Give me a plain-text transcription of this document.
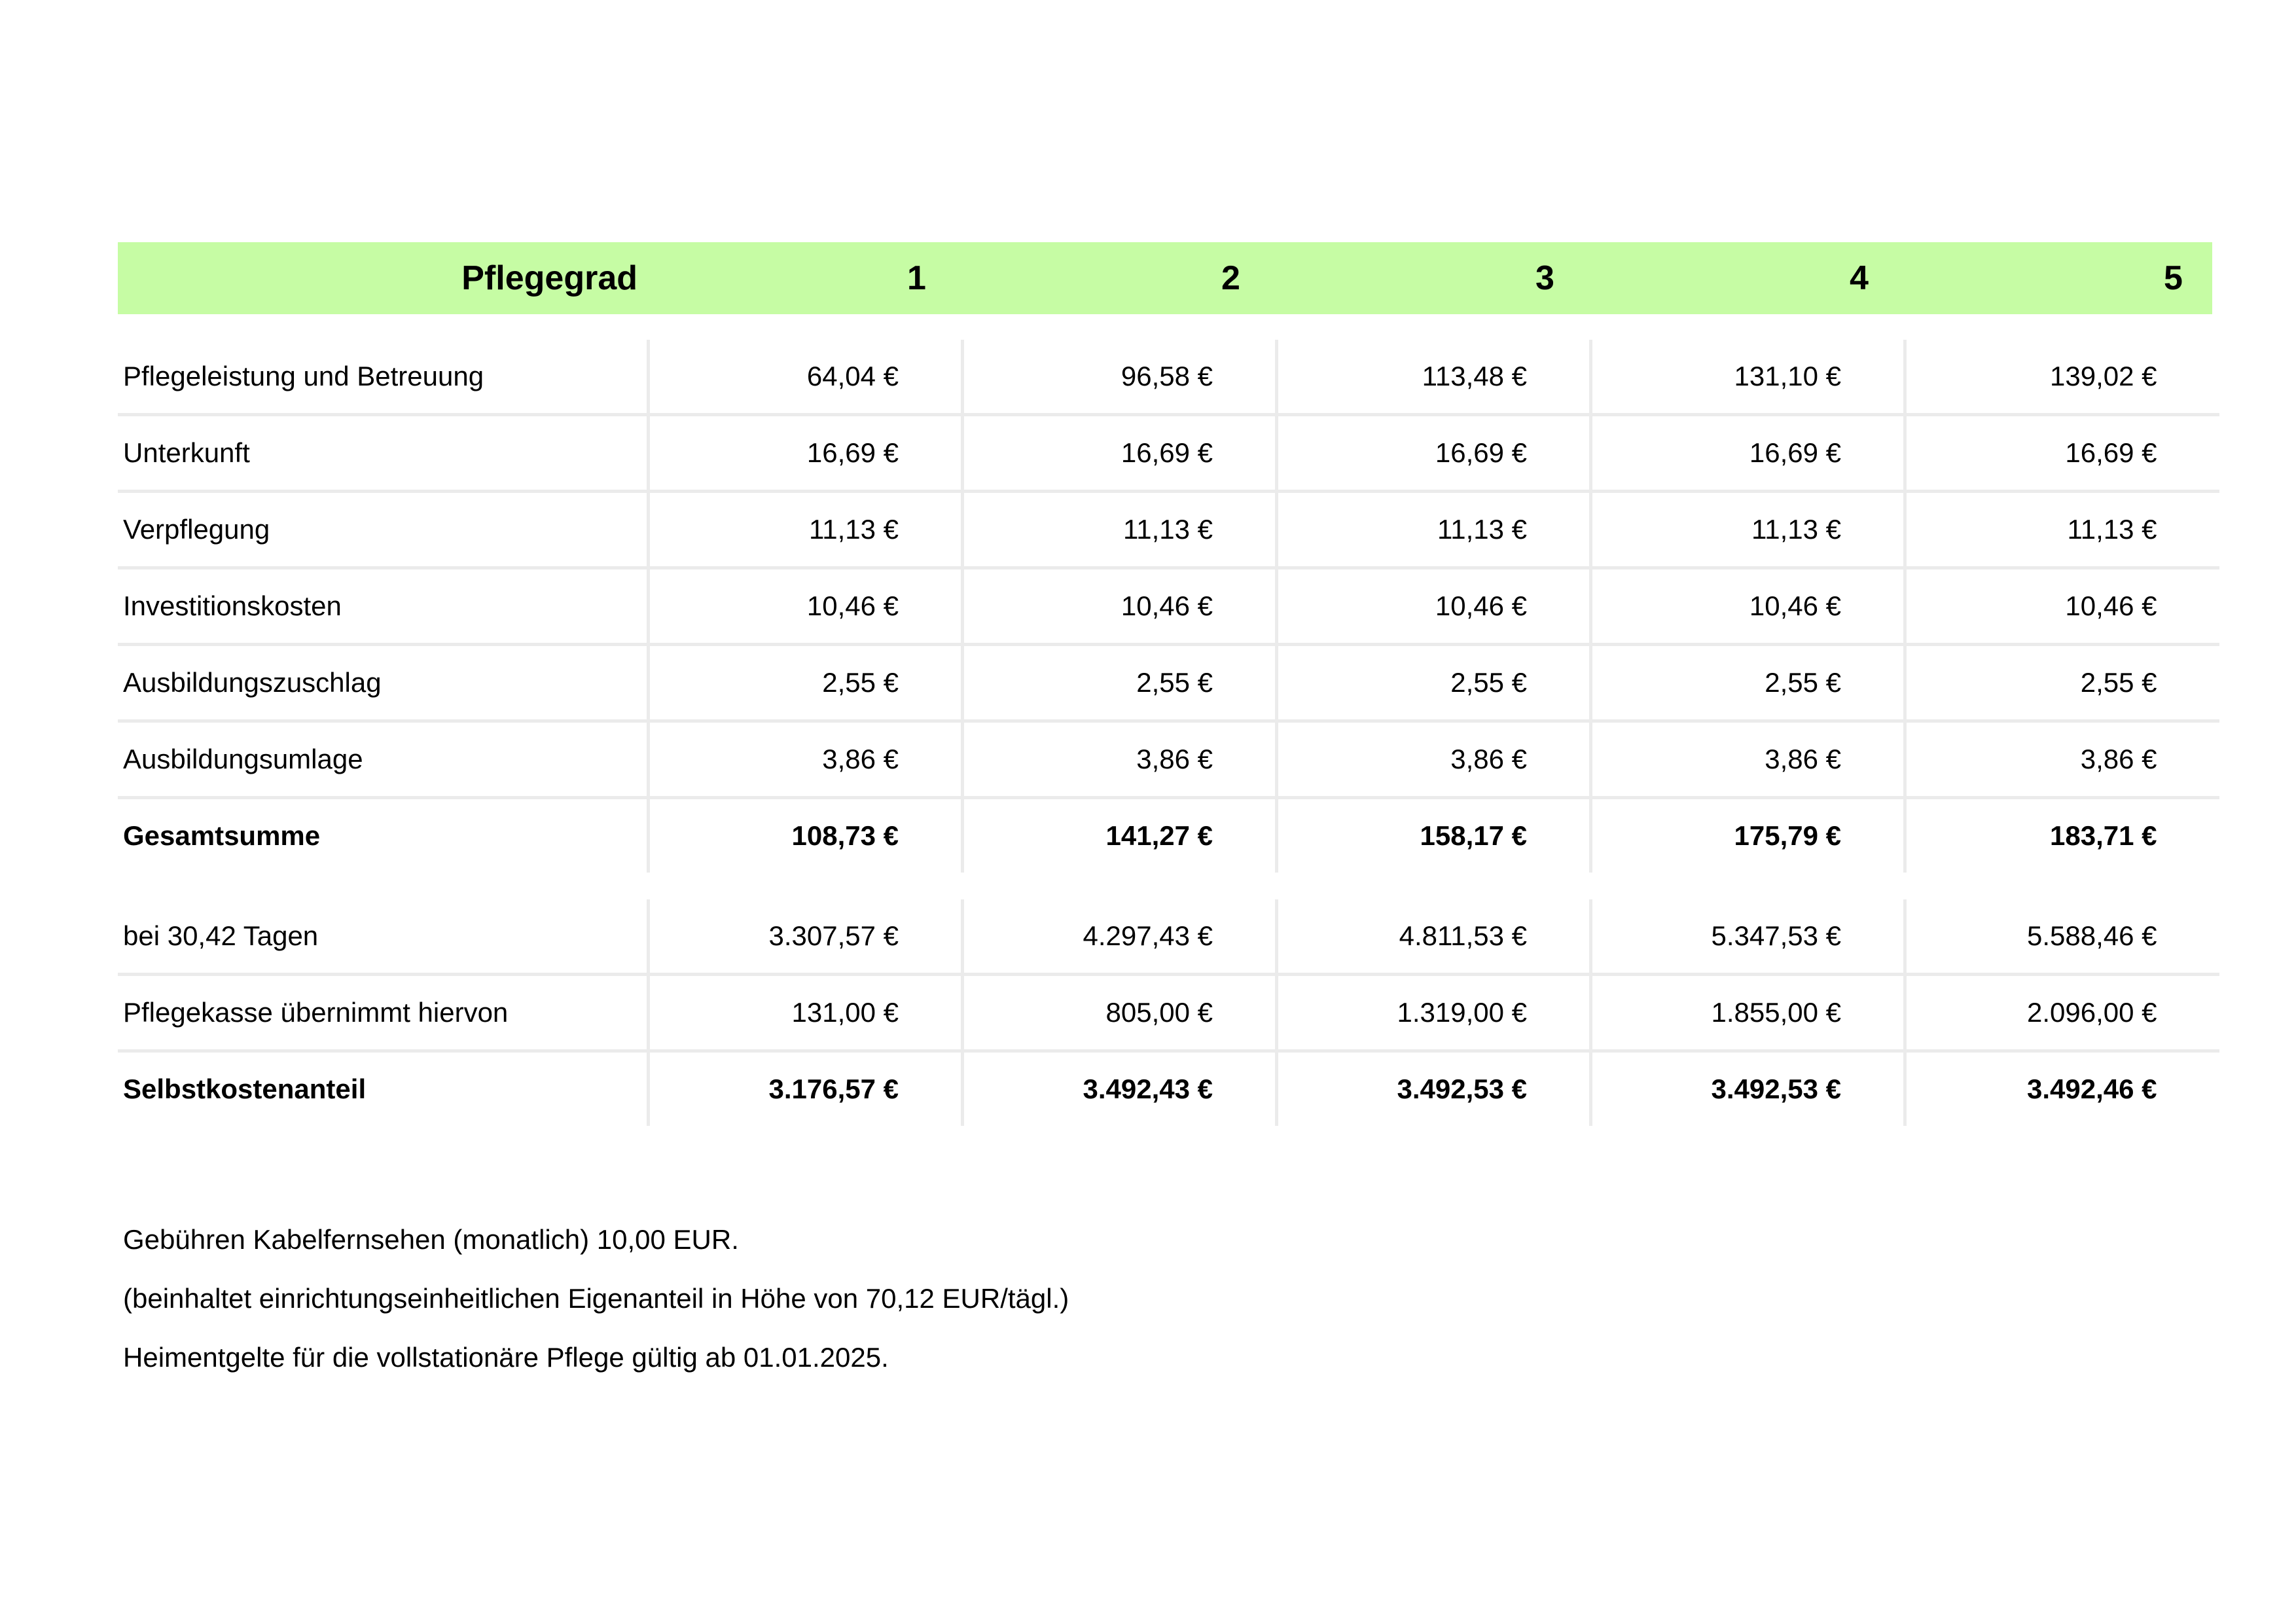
Pflegegrad	1	2	3	4	5
Pflegeleistung und Betreuung	64,04 €	96,58 €	113,48 €	131,10 €	139,02 €
Unterkunft	16,69 €	16,69 €	16,69 €	16,69 €	16,69 €
Verpflegung	11,13 €	11,13 €	11,13 €	11,13 €	11,13 €
Investitionskosten	10,46 €	10,46 €	10,46 €	10,46 €	10,46 €
Ausbildungszuschlag	2,55 €	2,55 €	2,55 €	2,55 €	2,55 €
Ausbildungsumlage	3,86 €	3,86 €	3,86 €	3,86 €	3,86 €
Gesamtsumme	108,73 €	141,27 €	158,17 €	175,79 €	183,71 €
bei 30,42 Tagen	3.307,57 €	4.297,43 €	4.811,53 €	5.347,53 €	5.588,46 €
Pflegekasse übernimmt hiervon	131,00 €	805,00 €	1.319,00 €	1.855,00 €	2.096,00 €
Selbstkostenanteil	3.176,57 €	3.492,43 €	3.492,53 €	3.492,53 €	3.492,46 €

Gebühren Kabelfernsehen (monatlich) 10,00 EUR.

(beinhaltet einrichtungseinheitlichen Eigenanteil in Höhe von 70,12 EUR/tägl.)

Heimentgelte für die vollstationäre Pflege gültig ab 01.01.2025.
